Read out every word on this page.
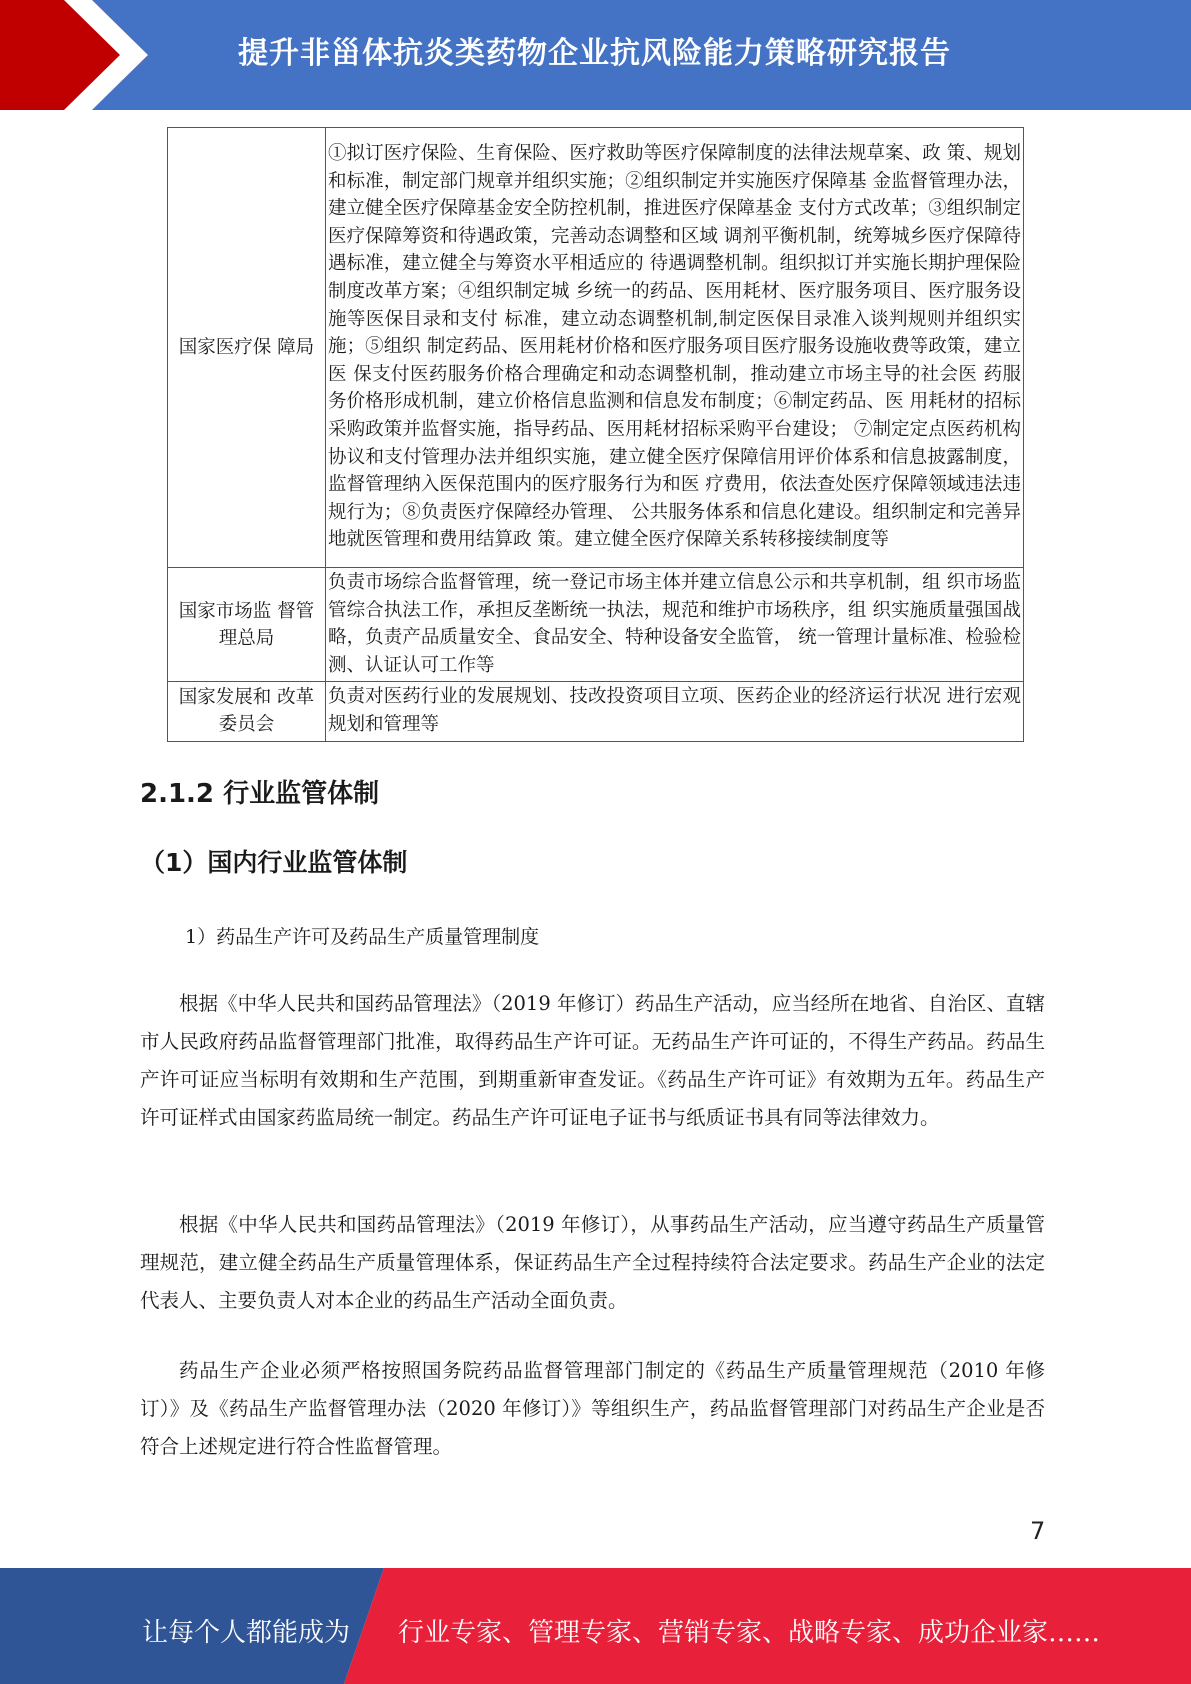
提升非甾体抗炎类药物企业抗风险能力策略研究报告
国家医疗保 障局	①拟订医疗保险、生育保险、医疗救助等医疗保障制度的法律法规草案、政 策、规划和标准，制定部门规章并组织实施；②组织制定并实施医疗保障基 金监督管理办法，建立健全医疗保障基金安全防控机制，推进医疗保障基金 支付方式改革；③组织制定医疗保障筹资和待遇政策，完善动态调整和区域 调剂平衡机制，统筹城乡医疗保障待遇标准，建立健全与筹资水平相适应的 待遇调整机制。组织拟订并实施长期护理保险制度改革方案；④组织制定城 乡统一的药品、医用耗材、医疗服务项目、医疗服务设施等医保目录和支付 标准，建立动态调整机制,制定医保目录准入谈判规则并组织实施；⑤组织 制定药品、医用耗材价格和医疗服务项目医疗服务设施收费等政策，建立医 保支付医药服务价格合理确定和动态调整机制，推动建立市场主导的社会医 药服务价格形成机制，建立价格信息监测和信息发布制度；⑥制定药品、医 用耗材的招标采购政策并监督实施，指导药品、医用耗材招标采购平台建设； ⑦制定定点医药机构协议和支付管理办法并组织实施，建立健全医疗保障信用评价体系和信息披露制度，监督管理纳入医保范围内的医疗服务行为和医 疗费用，依法查处医疗保障领域违法违规行为；⑧负责医疗保障经办管理、 公共服务体系和信息化建设。组织制定和完善异地就医管理和费用结算政 策。建立健全医疗保障关系转移接续制度等
国家市场监 督管理总局	负责市场综合监督管理，统一登记市场主体并建立信息公示和共享机制，组 织市场监管综合执法工作，承担反垄断统一执法，规范和维护市场秩序，组 织实施质量强国战略，负责产品质量安全、食品安全、特种设备安全监管， 统一管理计量标准、检验检测、认证认可工作等
国家发展和 改革委员会	负责对医药行业的发展规划、技改投资项目立项、医药企业的经济运行状况 进行宏观规划和管理等
2.1.2 行业监管体制
（1）国内行业监管体制
1）药品生产许可及药品生产质量管理制度

根据《中华人民共和国药品管理法》（2019 年修订）药品生产活动，应当经所在地省、自治区、直辖市人民政府药品监督管理部门批准，取得药品生产许可证。无药品生产许可证的，不得生产药品。药品生产许可证应当标明有效期和生产范围，到期重新审查发证。《药品生产许可证》有效期为五年。药品生产许可证样式由国家药监局统一制定。药品生产许可证电子证书与纸质证书具有同等法律效力。

根据《中华人民共和国药品管理法》（2019 年修订），从事药品生产活动，应当遵守药品生产质量管理规范，建立健全药品生产质量管理体系，保证药品生产全过程持续符合法定要求。药品生产企业的法定代表人、主要负责人对本企业的药品生产活动全面负责。

药品生产企业必须严格按照国务院药品监督管理部门制定的《药品生产质量管理规范（2010 年修订）》及《药品生产监督管理办法（2020 年修订）》等组织生产，药品监督管理部门对药品生产企业是否符合上述规定进行符合性监督管理。

7
让每个人都能成为 行业专家、管理专家、营销专家、战略专家、成功企业家……
